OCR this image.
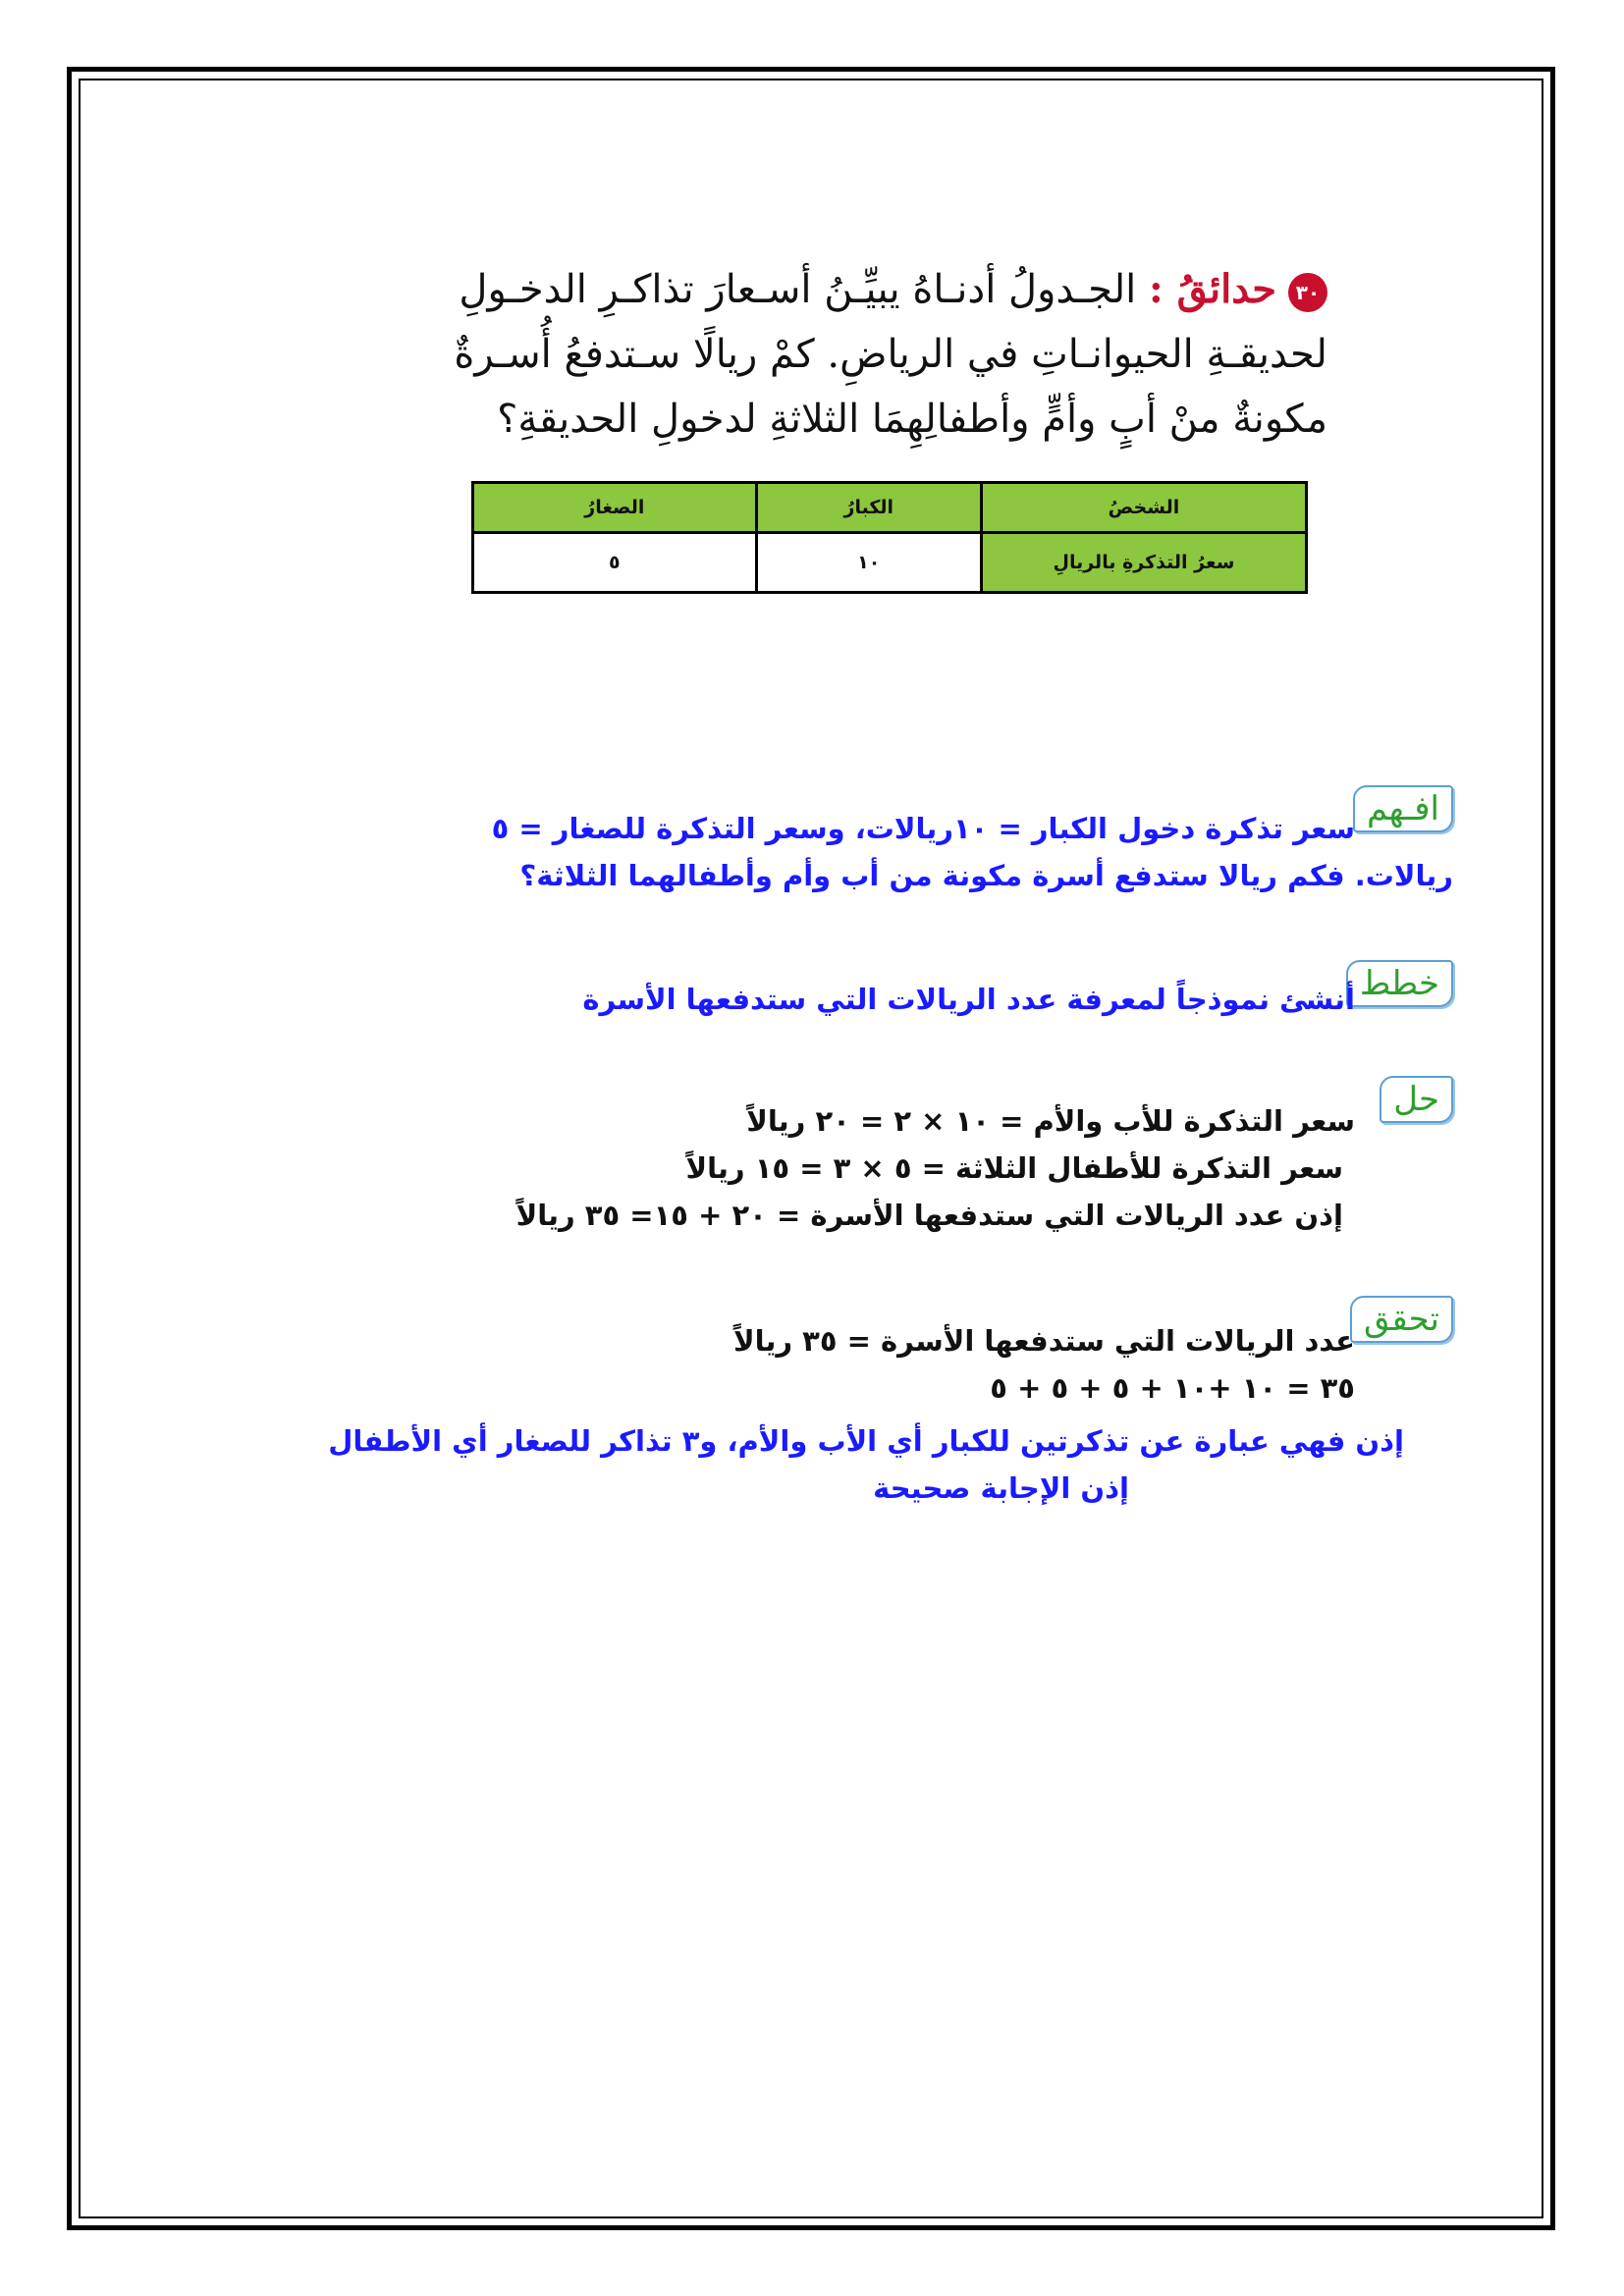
٣٠حدائقُ : الجـدولُ أدنـاهُ يبيِّـنُ أسـعارَ تذاكـرِ الدخـولِ
لحديقـةِ الحيوانـاتِ في الرياضِ. كمْ ريالًا سـتدفعُ أُسـرةٌ
مكونةٌ منْ أبٍ وأمٍّ وأطفالِهِمَا الثلاثةِ لدخولِ الحديقةِ؟
الشخصُ	الكبارُ	الصغارُ
سعرُ التذكرةِ بالريالِ	١٠	٥
افـهم
سعر تذكرة دخول الكبار = ١٠ريالات، وسعر التذكرة للصغار = ٥
ريالات. فكم ريالا ستدفع أسرة مكونة من أب وأم وأطفالهما الثلاثة؟
خطط
أنشئ نموذجاً لمعرفة عدد الريالات التي ستدفعها الأسرة
حل
سعر التذكرة للأب والأم = ١٠ × ٢ = ٢٠ ريالاً
سعر التذكرة للأطفال الثلاثة = ٥ × ٣ = ١٥ ريالاً
إذن عدد الريالات التي ستدفعها الأسرة = ٢٠ + ١٥= ٣٥ ريالاً
تحقق
عدد الريالات التي ستدفعها الأسرة = ٣٥ ريالاً
٣٥ = ١٠ +١٠ + ٥ + ٥ + ٥
إذن فهي عبارة عن تذكرتين للكبار أي الأب والأم، و٣ تذاكر للصغار أي الأطفال
إذن الإجابة صحيحة
